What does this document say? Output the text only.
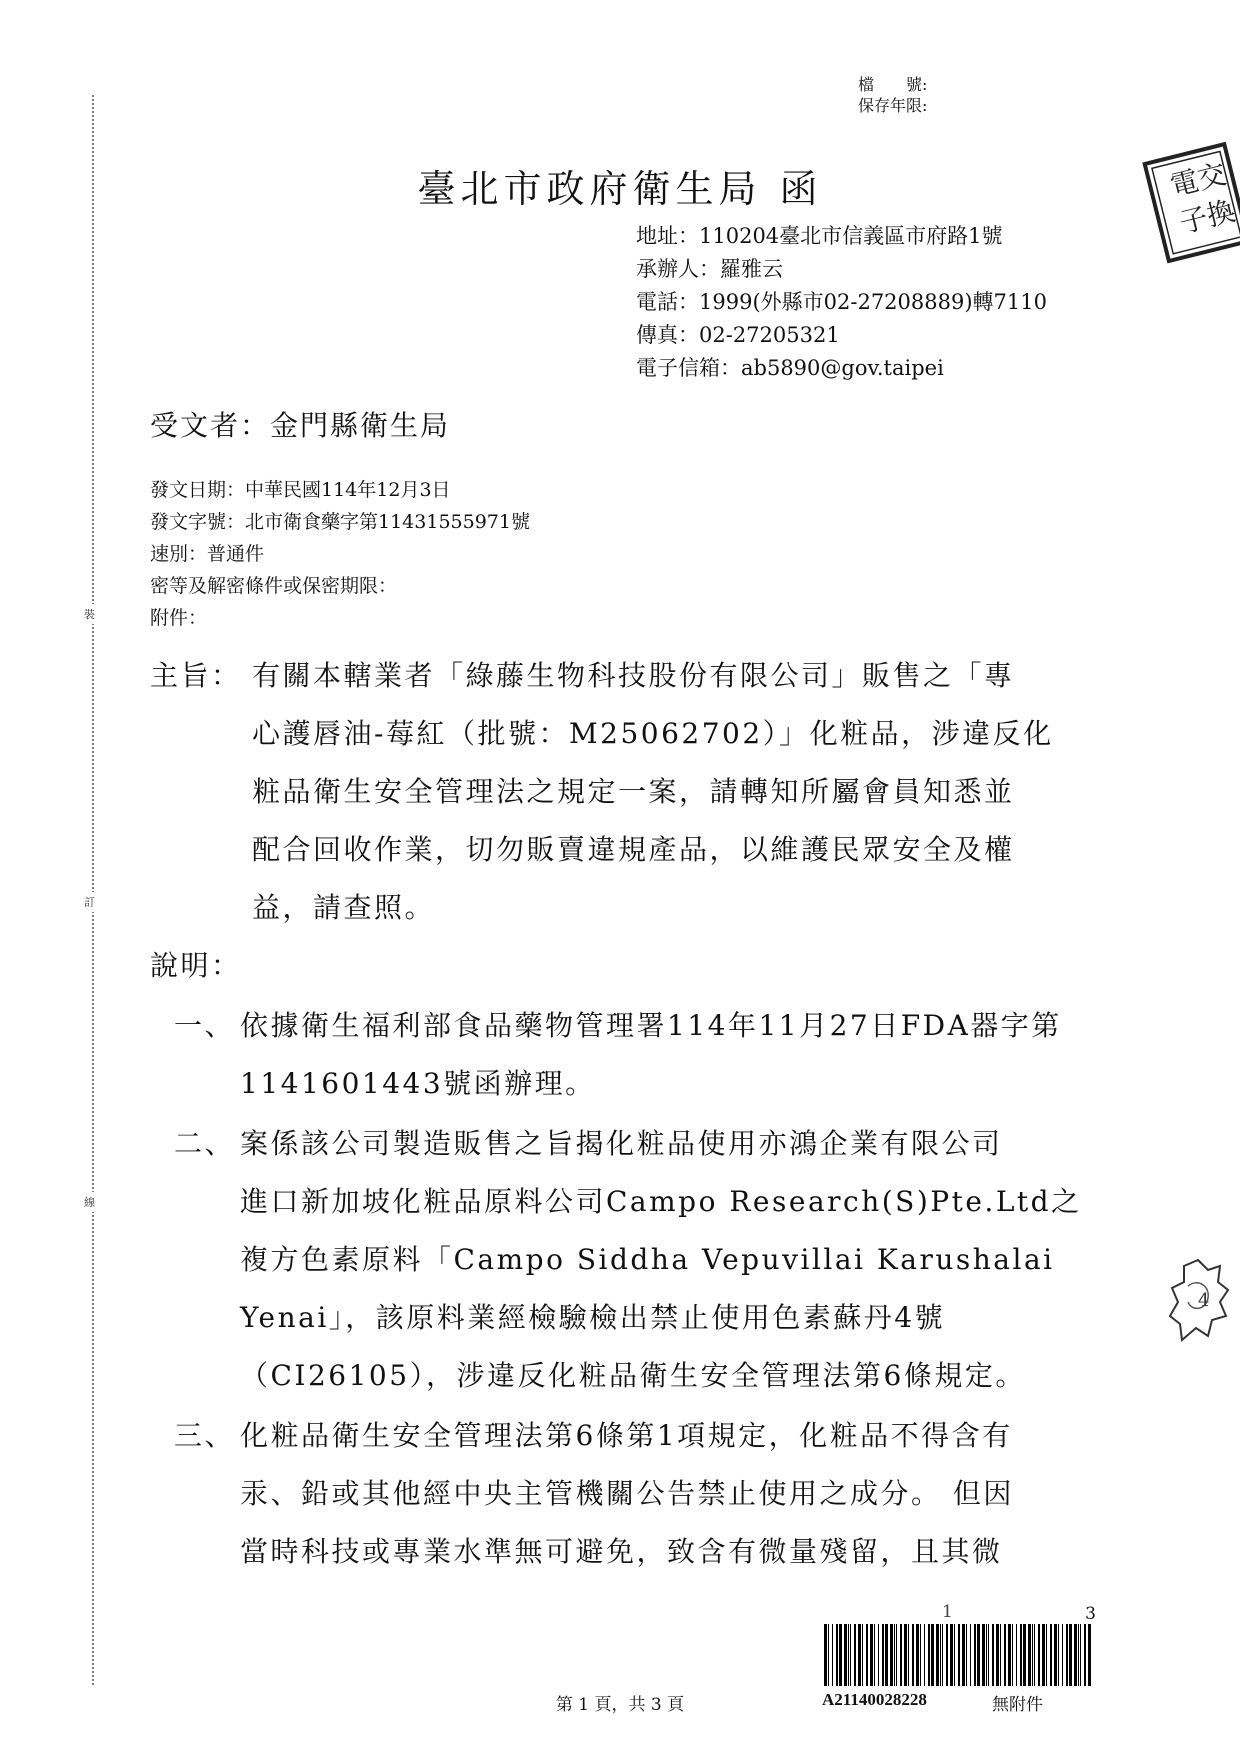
裝
訂
線
檔　　號:
保存年限:
電
交
子
換
臺北市政府衛生局 函
地址：110204臺北市信義區市府路1號
承辦人：羅雅云
電話：1999(外縣市02-27208889)轉7110
傳真：02-27205321
電子信箱：ab5890@gov.taipei
受文者：金門縣衛生局
發文日期：中華民國114年12月3日
發文字號：北市衛食藥字第11431555971號
速別：普通件
密等及解密條件或保密期限：
附件：
主旨： 有關本轄業者「綠藤生物科技股份有限公司」販售之「專
心護唇油-莓紅（批號：M25062702）」化粧品，涉違反化
粧品衛生安全管理法之規定一案，請轉知所屬會員知悉並
配合回收作業，切勿販賣違規產品，以維護民眾安全及權
益，請查照。
說明：
一、 依據衛生福利部食品藥物管理署114年11月27日FDA器字第
1141601443號函辦理。
二、 案係該公司製造販售之旨揭化粧品使用亦鴻企業有限公司
進口新加坡化粧品原料公司Campo Research(S)Pte.Ltd之
複方色素原料「Campo Siddha Vepuvillai Karushalai
Yenai」，該原料業經檢驗檢出禁止使用色素蘇丹4號
（CI26105），涉違反化粧品衛生安全管理法第6條規定。
三、 化粧品衛生安全管理法第6條第1項規定，化粧品不得含有
汞、鉛或其他經中央主管機關公告禁止使用之成分。 但因
當時科技或專業水準無可避免，致含有微量殘留，且其微
4
第 1 頁，共 3 頁
1	3
A21140028228	無附件
